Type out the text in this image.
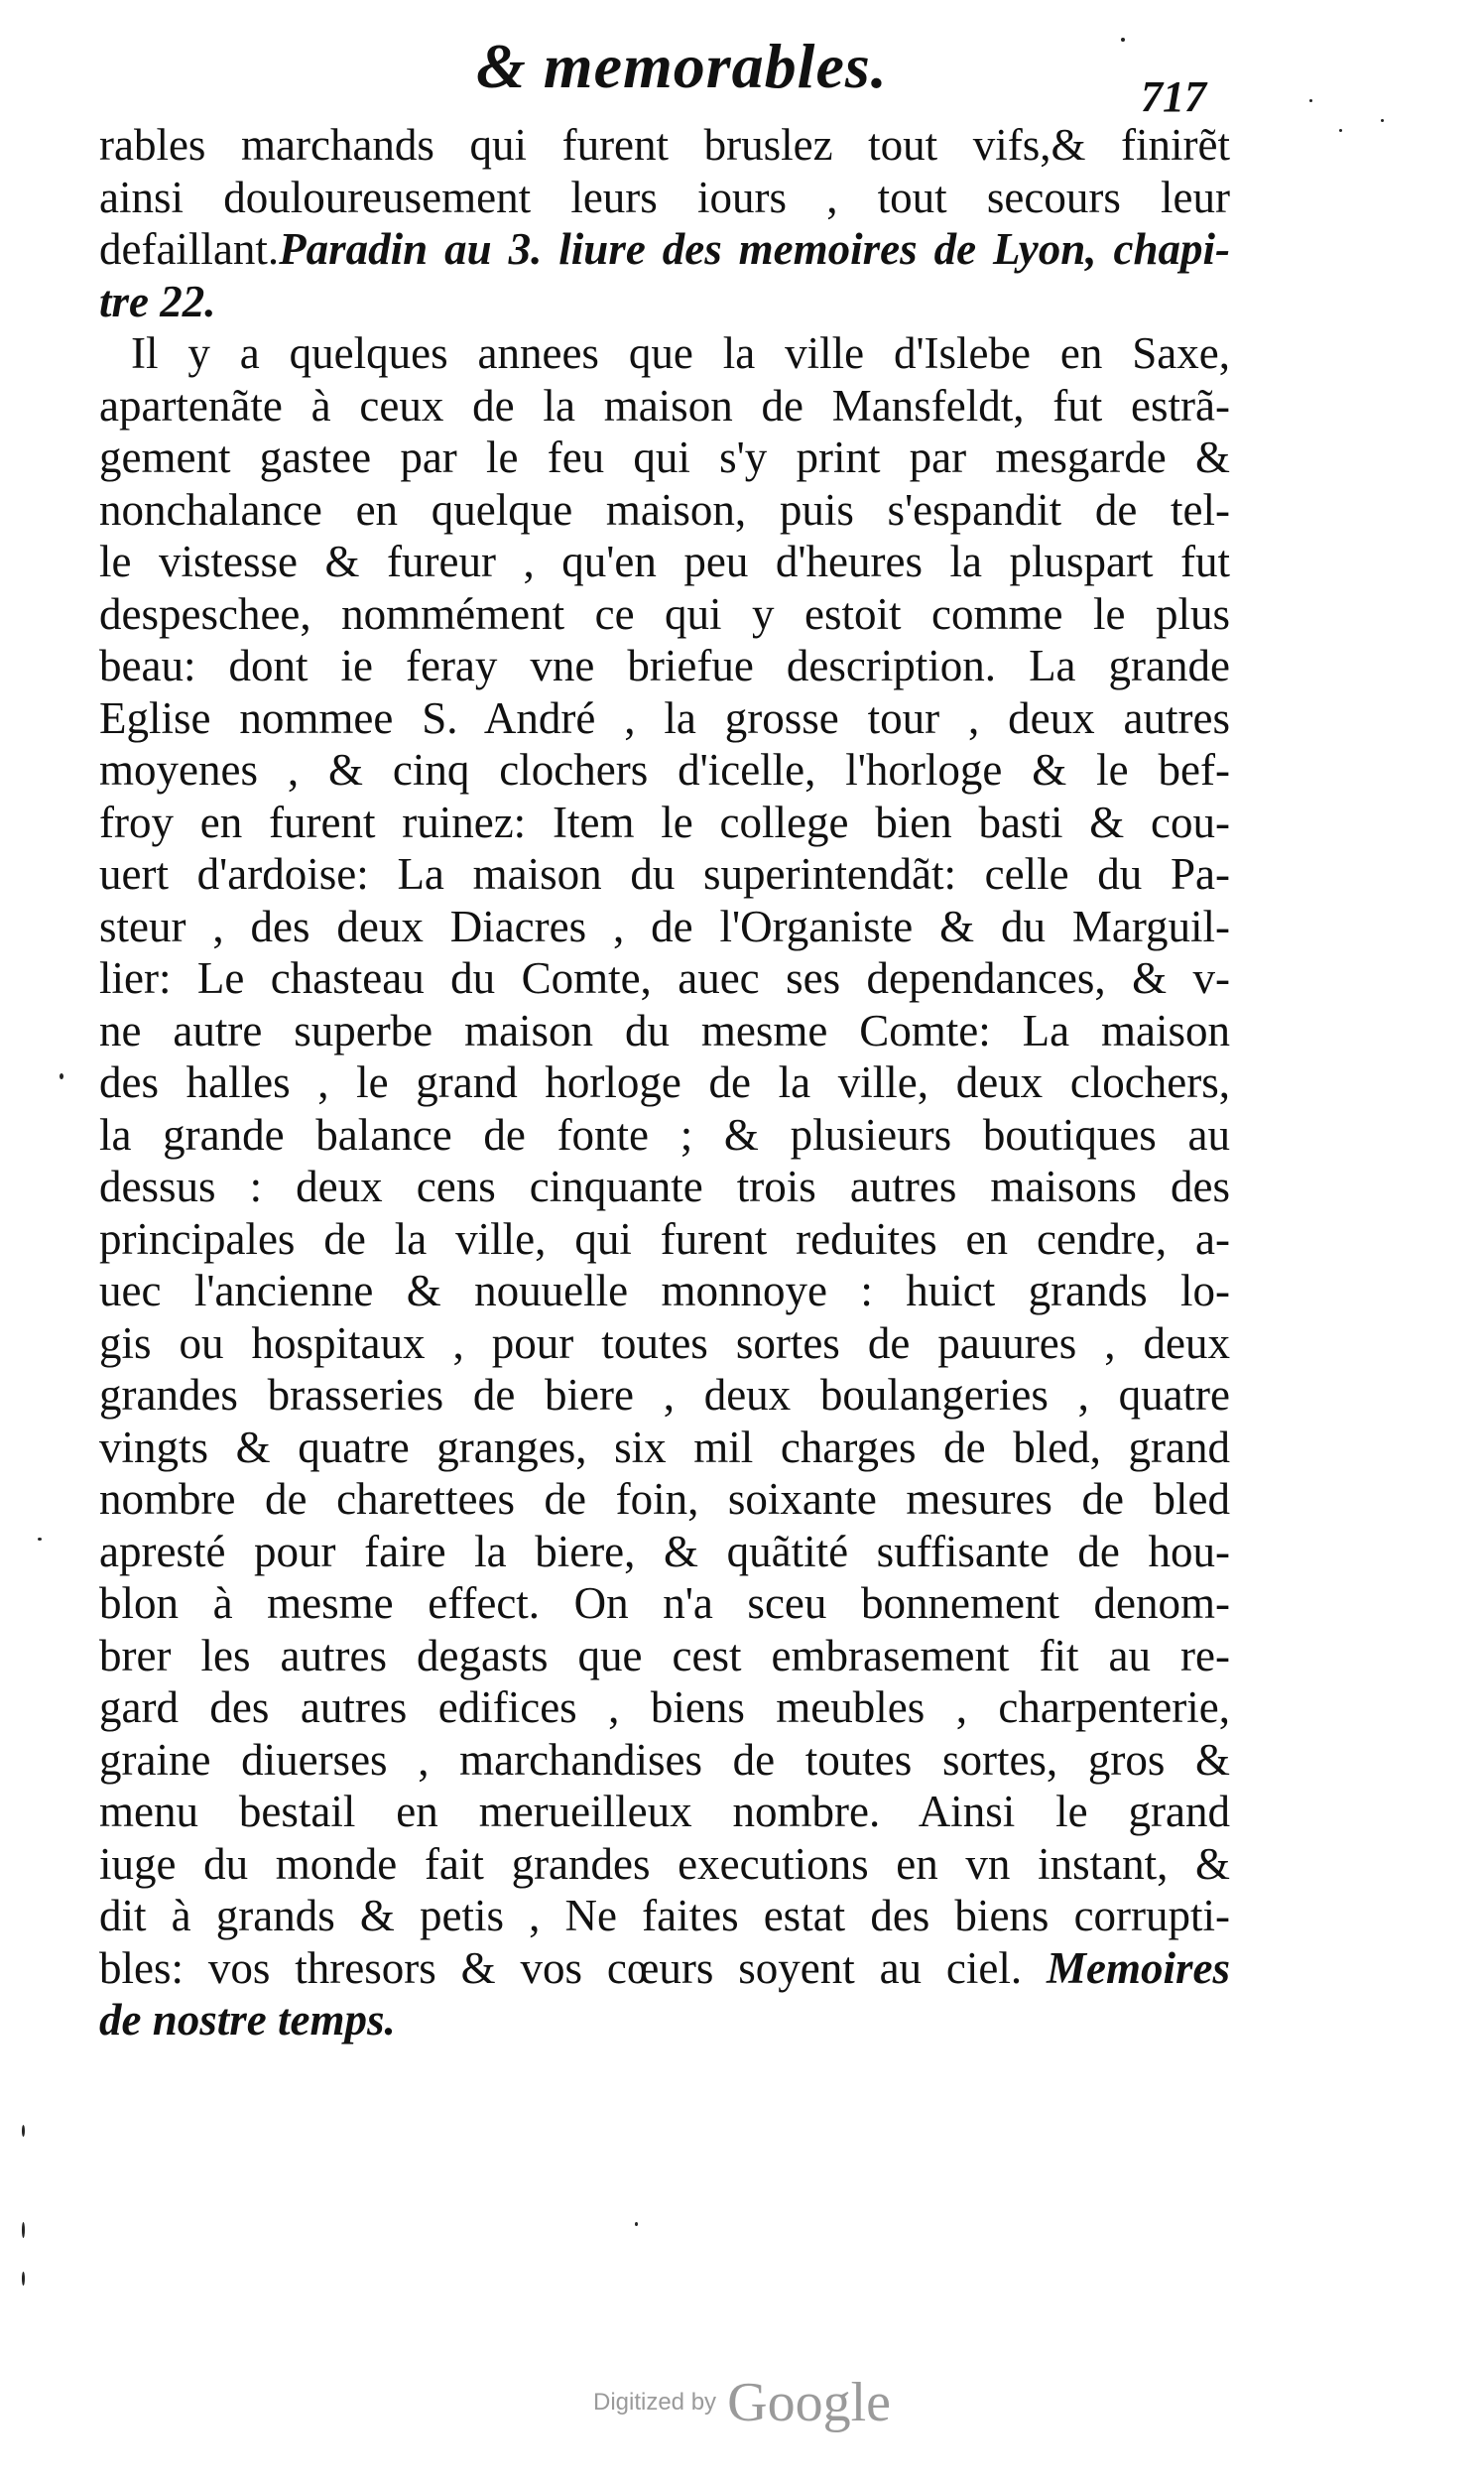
& memorables.	717
rables marchands qui furent bruslez tout vifs,& finirẽt
ainsi douloureusement leurs iours , tout secours leur
defaillant.Paradin au 3. liure des memoires de Lyon, chapi-
tre 22.
Il y a quelques annees que la ville d'Islebe en Saxe,
apartenãte à ceux de la maison de Mansfeldt, fut estrã-
gement gastee par le feu qui s'y print par mesgarde &
nonchalance en quelque maison, puis s'espandit de tel-
le vistesse & fureur , qu'en peu d'heures la pluspart fut
despeschee, nommément ce qui y estoit comme le plus
beau: dont ie feray vne briefue description. La grande
Eglise nommee S. André , la grosse tour , deux autres
moyenes , & cinq clochers d'icelle, l'horloge & le bef-
froy en furent ruinez: Item le college bien basti & cou-
uert d'ardoise: La maison du superintendãt: celle du Pa-
steur , des deux Diacres , de l'Organiste & du Marguil-
lier: Le chasteau du Comte, auec ses dependances, & v-
ne autre superbe maison du mesme Comte: La maison
des halles , le grand horloge de la ville, deux clochers,
la grande balance de fonte ; & plusieurs boutiques au
dessus : deux cens cinquante trois autres maisons des
principales de la ville, qui furent reduites en cendre, a-
uec l'ancienne & nouuelle monnoye : huict grands lo-
gis ou hospitaux , pour toutes sortes de pauures , deux
grandes brasseries de biere , deux boulangeries , quatre
vingts & quatre granges, six mil charges de bled, grand
nombre de charettees de foin, soixante mesures de bled
apresté pour faire la biere, & quãtité suffisante de hou-
blon à mesme effect. On n'a sceu bonnement denom-
brer les autres degasts que cest embrasement fit au re-
gard des autres edifices , biens meubles , charpenterie,
graine diuerses , marchandises de toutes sortes, gros &
menu bestail en merueilleux nombre. Ainsi le grand
iuge du monde fait grandes executions en vn instant, &
dit à grands & petis , Ne faites estat des biens corrupti-
bles: vos thresors & vos cœurs soyent au ciel. Memoires
de nostre temps.
Digitized by Google
